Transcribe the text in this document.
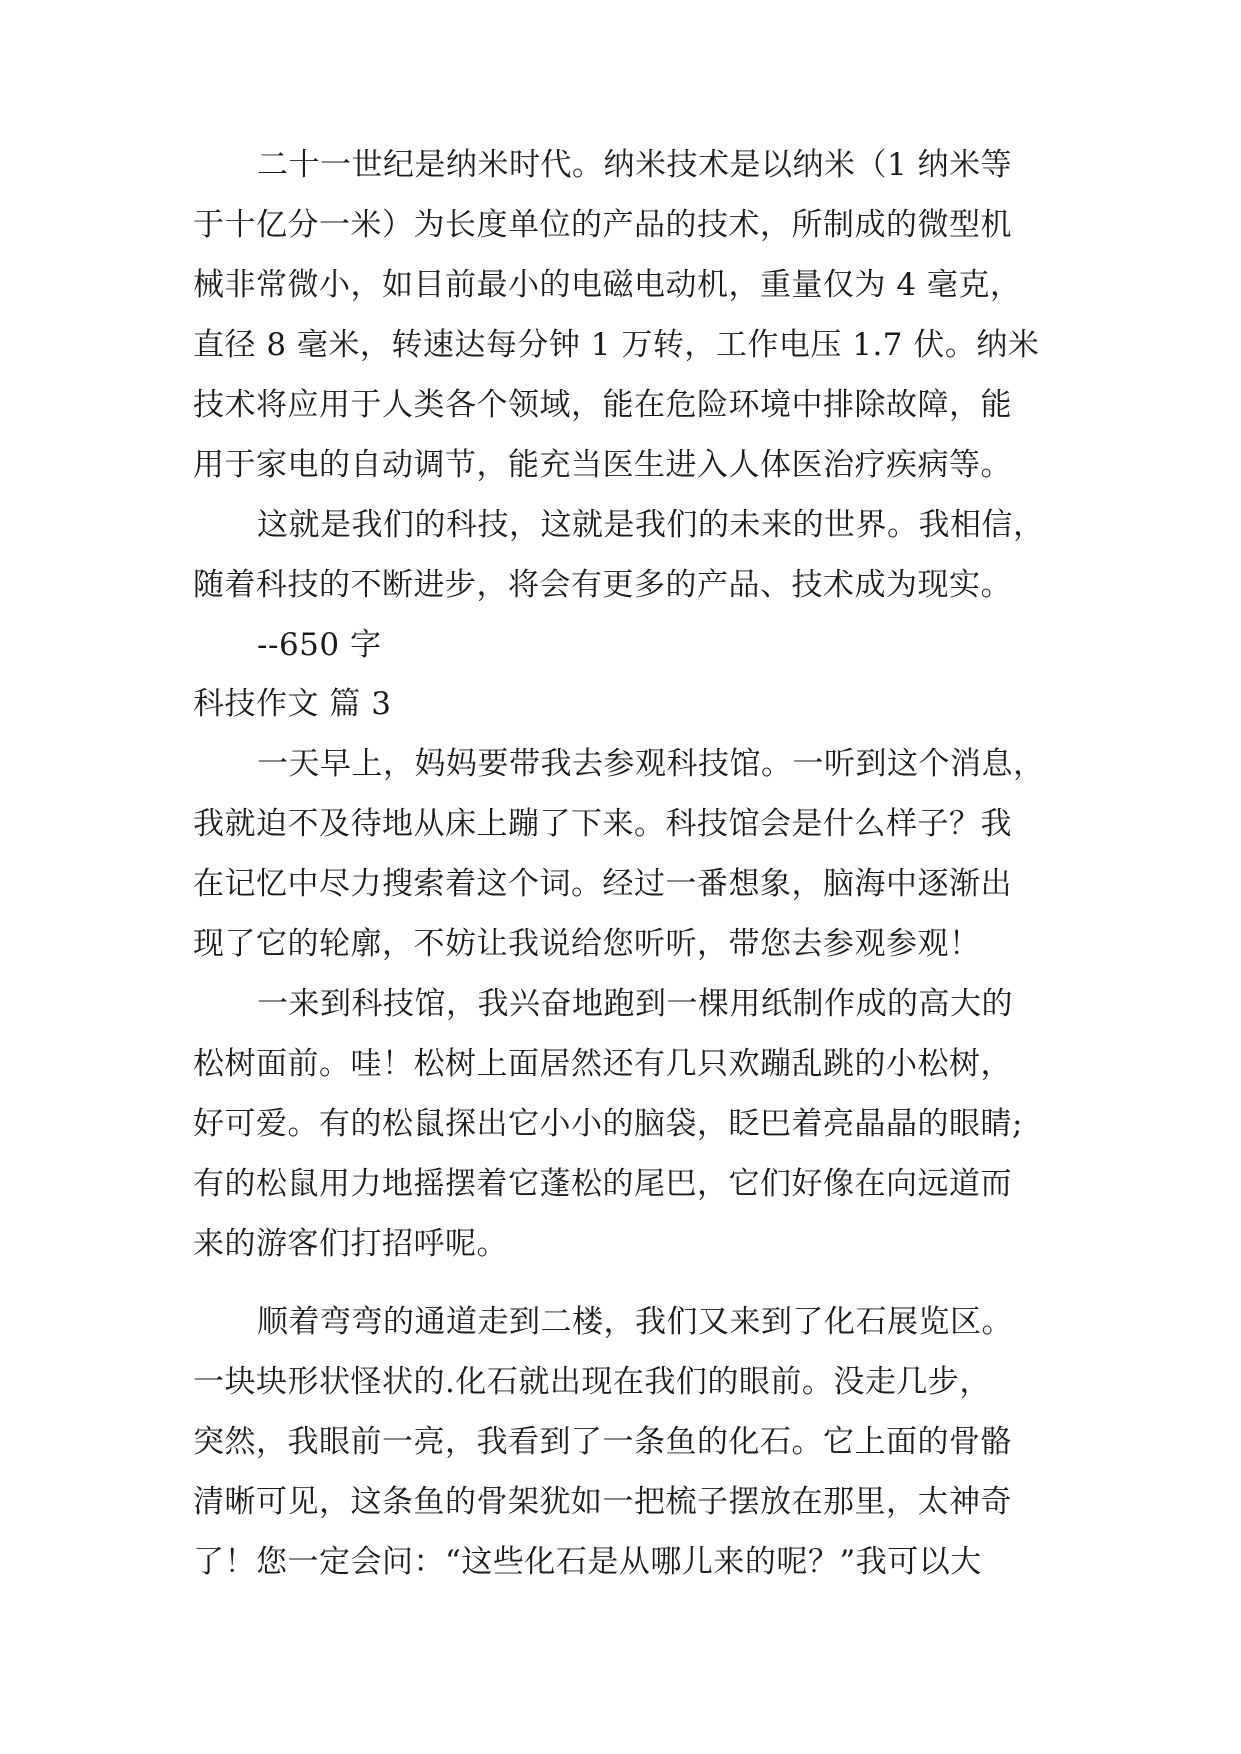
二十一世纪是纳米时代。纳米技术是以纳米（1 纳米等
于十亿分一米）为长度单位的产品的技术，所制成的微型机
械非常微小，如目前最小的电磁电动机，重量仅为 4 毫克，
直径 8 毫米，转速达每分钟 1 万转，工作电压 1.7 伏。纳米
技术将应用于人类各个领域，能在危险环境中排除故障，能
用于家电的自动调节，能充当医生进入人体医治疗疾病等。
这就是我们的科技，这就是我们的未来的世界。我相信，
随着科技的不断进步，将会有更多的产品、技术成为现实。
--650 字
科技作文 篇 3
一天早上，妈妈要带我去参观科技馆。一听到这个消息，
我就迫不及待地从床上蹦了下来。科技馆会是什么样子？我
在记忆中尽力搜索着这个词。经过一番想象，脑海中逐渐出
现了它的轮廓，不妨让我说给您听听，带您去参观参观！
一来到科技馆，我兴奋地跑到一棵用纸制作成的高大的
松树面前。哇！松树上面居然还有几只欢蹦乱跳的小松树，
好可爱。有的松鼠探出它小小的脑袋，眨巴着亮晶晶的眼睛;
有的松鼠用力地摇摆着它蓬松的尾巴，它们好像在向远道而
来的游客们打招呼呢。
顺着弯弯的通道走到二楼，我们又来到了化石展览区。
一块块形状怪状的.化石就出现在我们的眼前。没走几步，
突然，我眼前一亮，我看到了一条鱼的化石。它上面的骨骼
清晰可见，这条鱼的骨架犹如一把梳子摆放在那里，太神奇
了！您一定会问：“这些化石是从哪儿来的呢？”我可以大
